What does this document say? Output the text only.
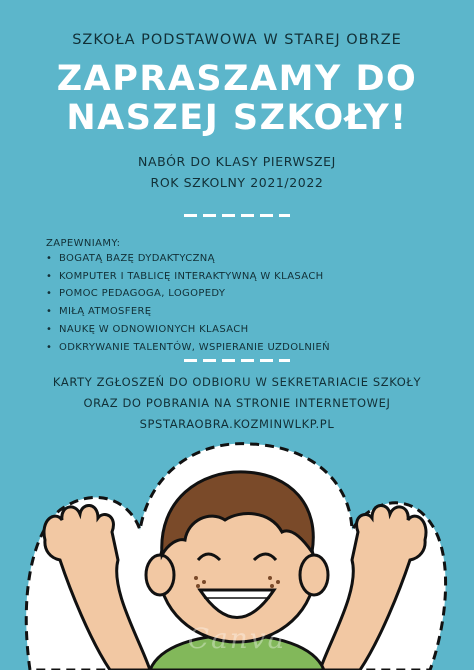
SZKOŁA PODSTAWOWA W STAREJ OBRZE
ZAPRASZAMY DO
NASZEJ SZKOŁY!
NABÓR DO KLASY PIERWSZEJ
ROK SZKOLNY 2021/2022
ZAPEWNIAMY:
• BOGATĄ BAZĘ DYDAKTYCZNĄ
• KOMPUTER I TABLICĘ INTERAKTYWNĄ W KLASACH
• POMOC PEDAGOGA, LOGOPEDY
• MIŁĄ ATMOSFERĘ
• NAUKĘ W ODNOWIONYCH KLASACH
• ODKRYWANIE TALENTÓW, WSPIERANIE UZDOLNIEŃ
KARTY ZGŁOSZEŃ DO ODBIORU W SEKRETARIACIE SZKOŁY
ORAZ DO POBRANIA NA STRONIE INTERNETOWEJ
SPSTARAOBRA.KOZMINWLKP.PL
Canva
